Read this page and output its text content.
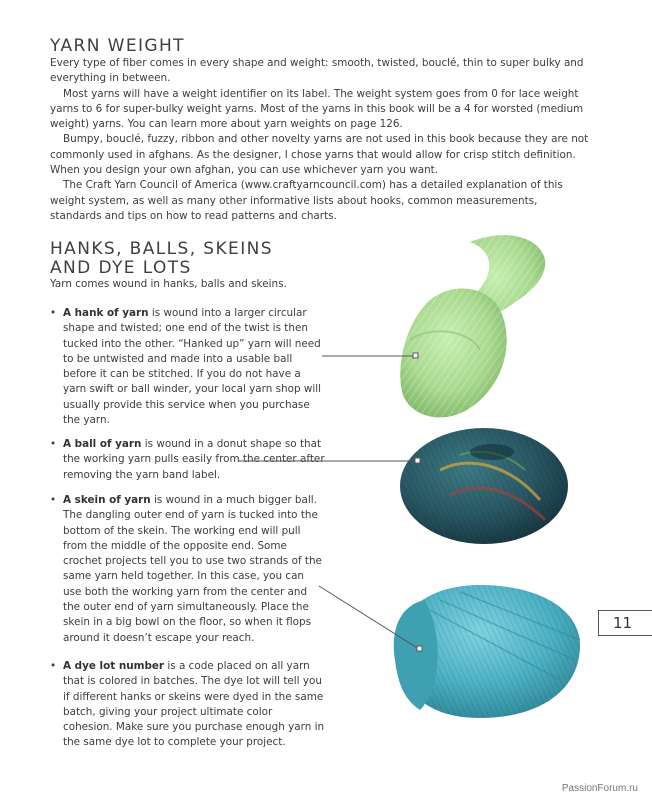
YARN WEIGHT

Every type of fiber comes in every shape and weight: smooth, twisted, bouclé, thin to super bulky and everything in between.

Most yarns will have a weight identifier on its label. The weight system goes from 0 for lace weight yarns to 6 for super-bulky weight yarns. Most of the yarns in this book will be a 4 for worsted (medium weight) yarns. You can learn more about yarn weights on page 126.

Bumpy, bouclé, fuzzy, ribbon and other novelty yarns are not used in this book because they are not commonly used in afghans. As the designer, I chose yarns that would allow for crisp stitch definition. When you design your own afghan, you can use whichever yarn you want.

The Craft Yarn Council of America (www.craftyarncouncil.com) has a detailed explanation of this weight system, as well as many other informative lists about hooks, common measurements, standards and tips on how to read patterns and charts.

HANKS, BALLS, SKEINS
AND DYE LOTS

Yarn comes wound in hanks, balls and skeins.

• A hank of yarn is wound into a larger circular shape and twisted; one end of the twist is then tucked into the other. “Hanked up” yarn will need to be untwisted and made into a usable ball before it can be stitched. If you do not have a yarn swift or ball winder, your local yarn shop will usually provide this service when you purchase the yarn.
• A ball of yarn is wound in a donut shape so that the working yarn pulls easily from the center after removing the yarn band label.
• A skein of yarn is wound in a much bigger ball. The dangling outer end of yarn is tucked into the bottom of the skein. The working end will pull from the middle of the opposite end. Some crochet projects tell you to use two strands of the same yarn held together. In this case, you can use both the working yarn from the center and the outer end of yarn simultaneously. Place the skein in a big bowl on the floor, so when it flops around it doesn’t escape your reach.
• A dye lot number is a code placed on all yarn that is colored in batches. The dye lot will tell you if different hanks or skeins were dyed in the same batch, giving your project ultimate color cohesion. Make sure you purchase enough yarn in the same dye lot to complete your project.
11
PassionForum.ru
